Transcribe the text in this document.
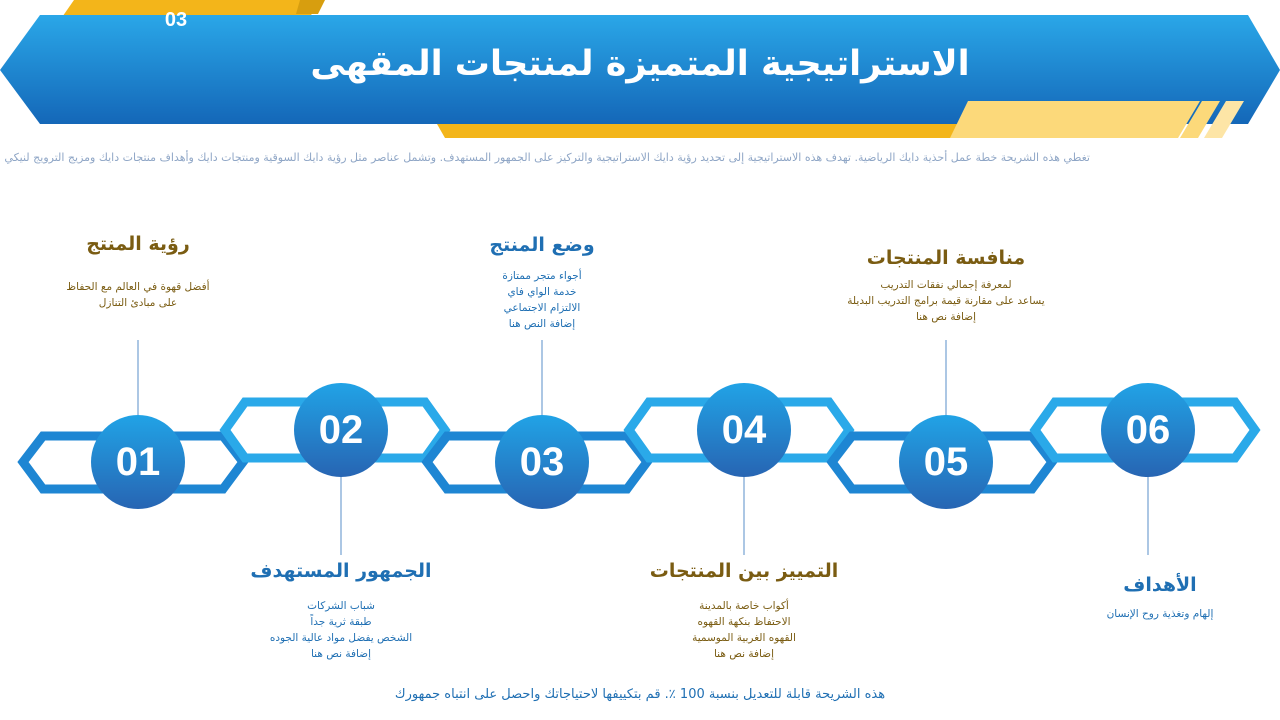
03
الاستراتيجية المتميزة لمنتجات المقهى
تغطي هذه الشريحة خطة عمل أحذية دايك الرياضية. تهدف هذه الاستراتيجية إلى تحديد رؤية دايك الاستراتيجية والتركيز على الجمهور المستهدف. وتشمل عناصر مثل رؤية دايك السوقية ومنتجات دايك وأهداف منتجات دايك ومزيج الترويج لنيكي
01
02
03
04
05
06
رؤية المنتج
أفضل قهوة في العالم مع الحفاظ
على مبادئ التنازل
الجمهور المستهدف
شباب الشركات
طبقة ثرية جداً
الشخص يفضل مواد عالية الجوده
إضافة نص هنا
وضع المنتج
أجواء متجر ممتازة
خدمة الواي فاي
الالتزام الاجتماعي
إضافة النص هنا
التمييز بين المنتجات
أكواب خاصة بالمدينة
الاحتفاظ بنكهة القهوه
القهوه الغربية الموسمية
إضافة نص هنا
منافسة المنتجات
لمعرفة إجمالي نفقات التدريب
يساعد على مقارنة قيمة برامج التدريب البديلة
إضافة نص هنا
الأهداف
إلهام وتغذية روح الإنسان
هذه الشريحة قابلة للتعديل بنسبة 100 ٪. قم بتكييفها لاحتياجاتك واحصل على انتباه جمهورك
